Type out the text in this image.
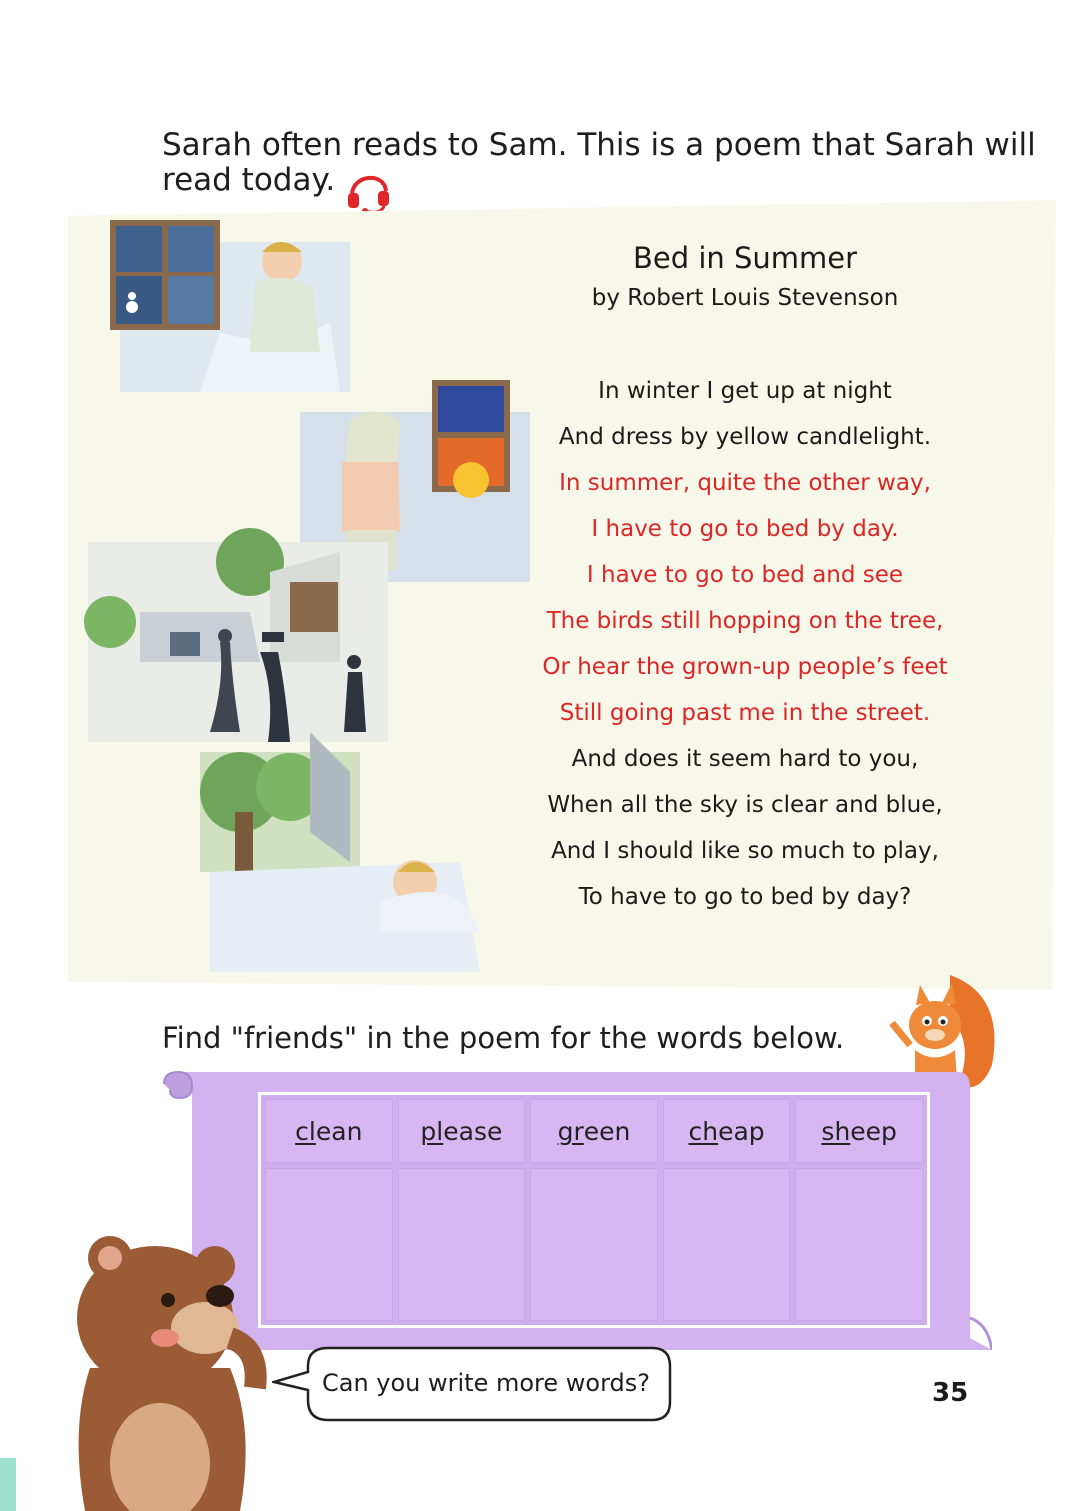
Sarah often reads to Sam. This is a poem that Sarah will
read today.
Bed in Summer
by Robert Louis Stevenson
In winter I get up at night
And dress by yellow candlelight.
In summer, quite the other way,
I have to go to bed by day.
I have to go to bed and see
The birds still hopping on the tree,
Or hear the grown-up people’s feet
Still going past me in the street.
And does it seem hard to you,
When all the sky is clear and blue,
And I should like so much to play,
To have to go to bed by day?
Find "friends" in the poem for the words below.
cl ean pl ease gr een ch eap sh eep
Can you write more words?	35
